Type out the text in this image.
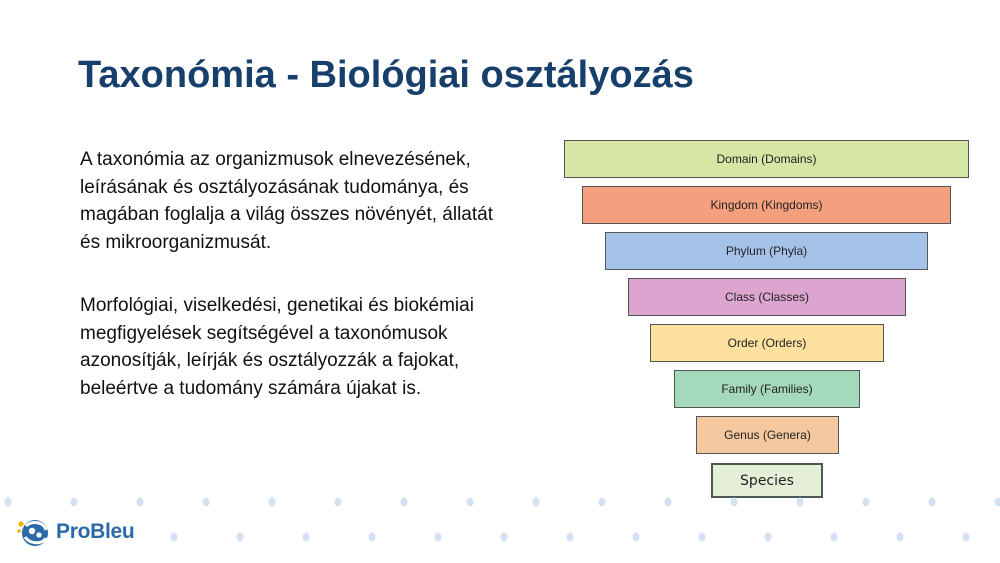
Taxonómia - Biológiai osztályozás

A taxonómia az organizmusok elnevezésének, leírásának és osztályozásának tudománya, és magában foglalja a világ összes növényét, állatát és mikroorganizmusát.

Morfológiai, viselkedési, genetikai és biokémiai megfigyelések segítségével a taxonómusok azonosítják, leírják és osztályozzák a fajokat, beleértve a tudomány számára újakat is.

Domain (Domains)
Kingdom (Kingdoms)
Phylum (Phyla)
Class (Classes)
Order (Orders)
Family (Families)
Genus (Genera)
Species
ProBleu
